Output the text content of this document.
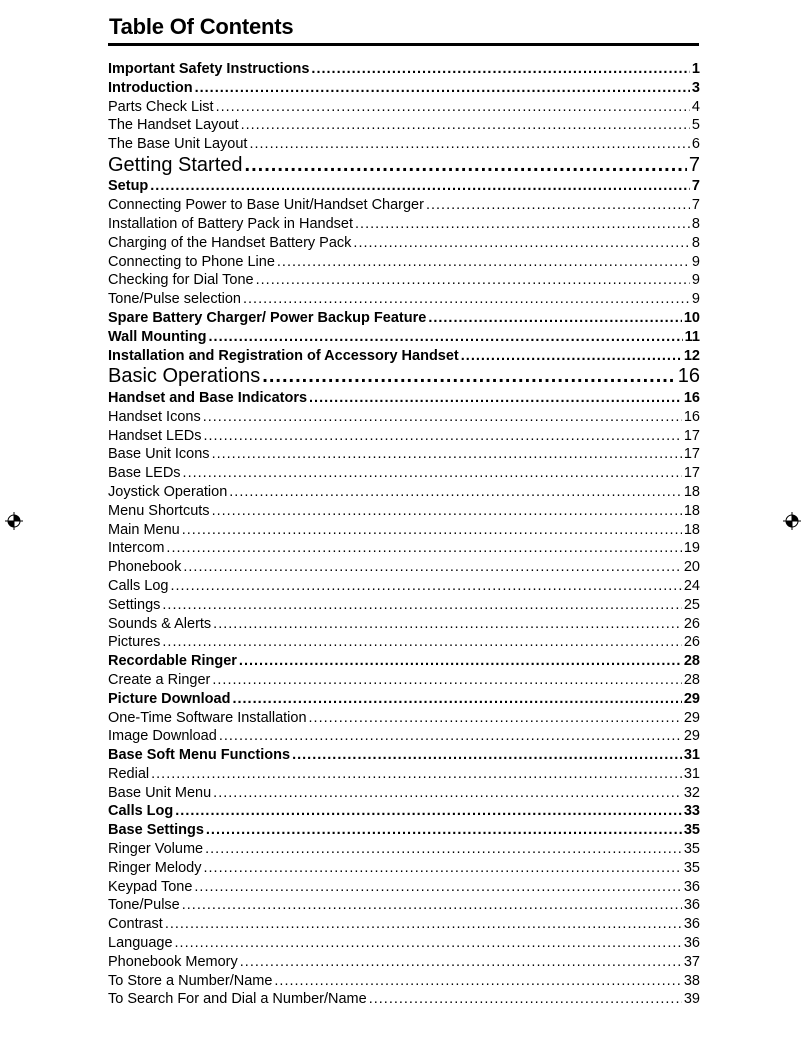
Table Of Contents
Important Safety Instructions .....	1
Introduction .....	3
Parts Check List .....	4
The Handset Layout .....	5
The Base Unit Layout .....	6
Getting Started .....	7
Setup .....	7
Connecting Power to Base Unit/Handset Charger .....	7
Installation of Battery Pack in Handset .....	8
Charging of the Handset Battery Pack .....	8
Connecting to Phone Line .....	9
Checking for Dial Tone .....	9
Tone/Pulse selection .....	9
Spare Battery Charger/ Power Backup Feature .....	10
Wall Mounting .....	11
Installation and Registration of Accessory Handset .....	12
Basic Operations .....	16
Handset and Base Indicators .....	16
Handset Icons .....	16
Handset LEDs .....	17
Base Unit Icons .....	17
Base LEDs .....	17
Joystick Operation .....	18
Menu Shortcuts .....	18
Main Menu .....	18
Intercom .....	19
Phonebook .....	20
Calls Log .....	24
Settings .....	25
Sounds & Alerts .....	26
Pictures .....	26
Recordable Ringer .....	28
Create a Ringer .....	28
Picture Download .....	29
One-Time Software Installation .....	29
Image Download .....	29
Base Soft Menu Functions .....	31
Redial .....	31
Base Unit Menu .....	32
Calls Log .....	33
Base Settings .....	35
Ringer Volume .....	35
Ringer Melody .....	35
Keypad Tone .....	36
Tone/Pulse .....	36
Contrast .....	36
Language .....	36
Phonebook Memory .....	37
To Store a Number/Name .....	38
To Search For and Dial a Number/Name .....	39
